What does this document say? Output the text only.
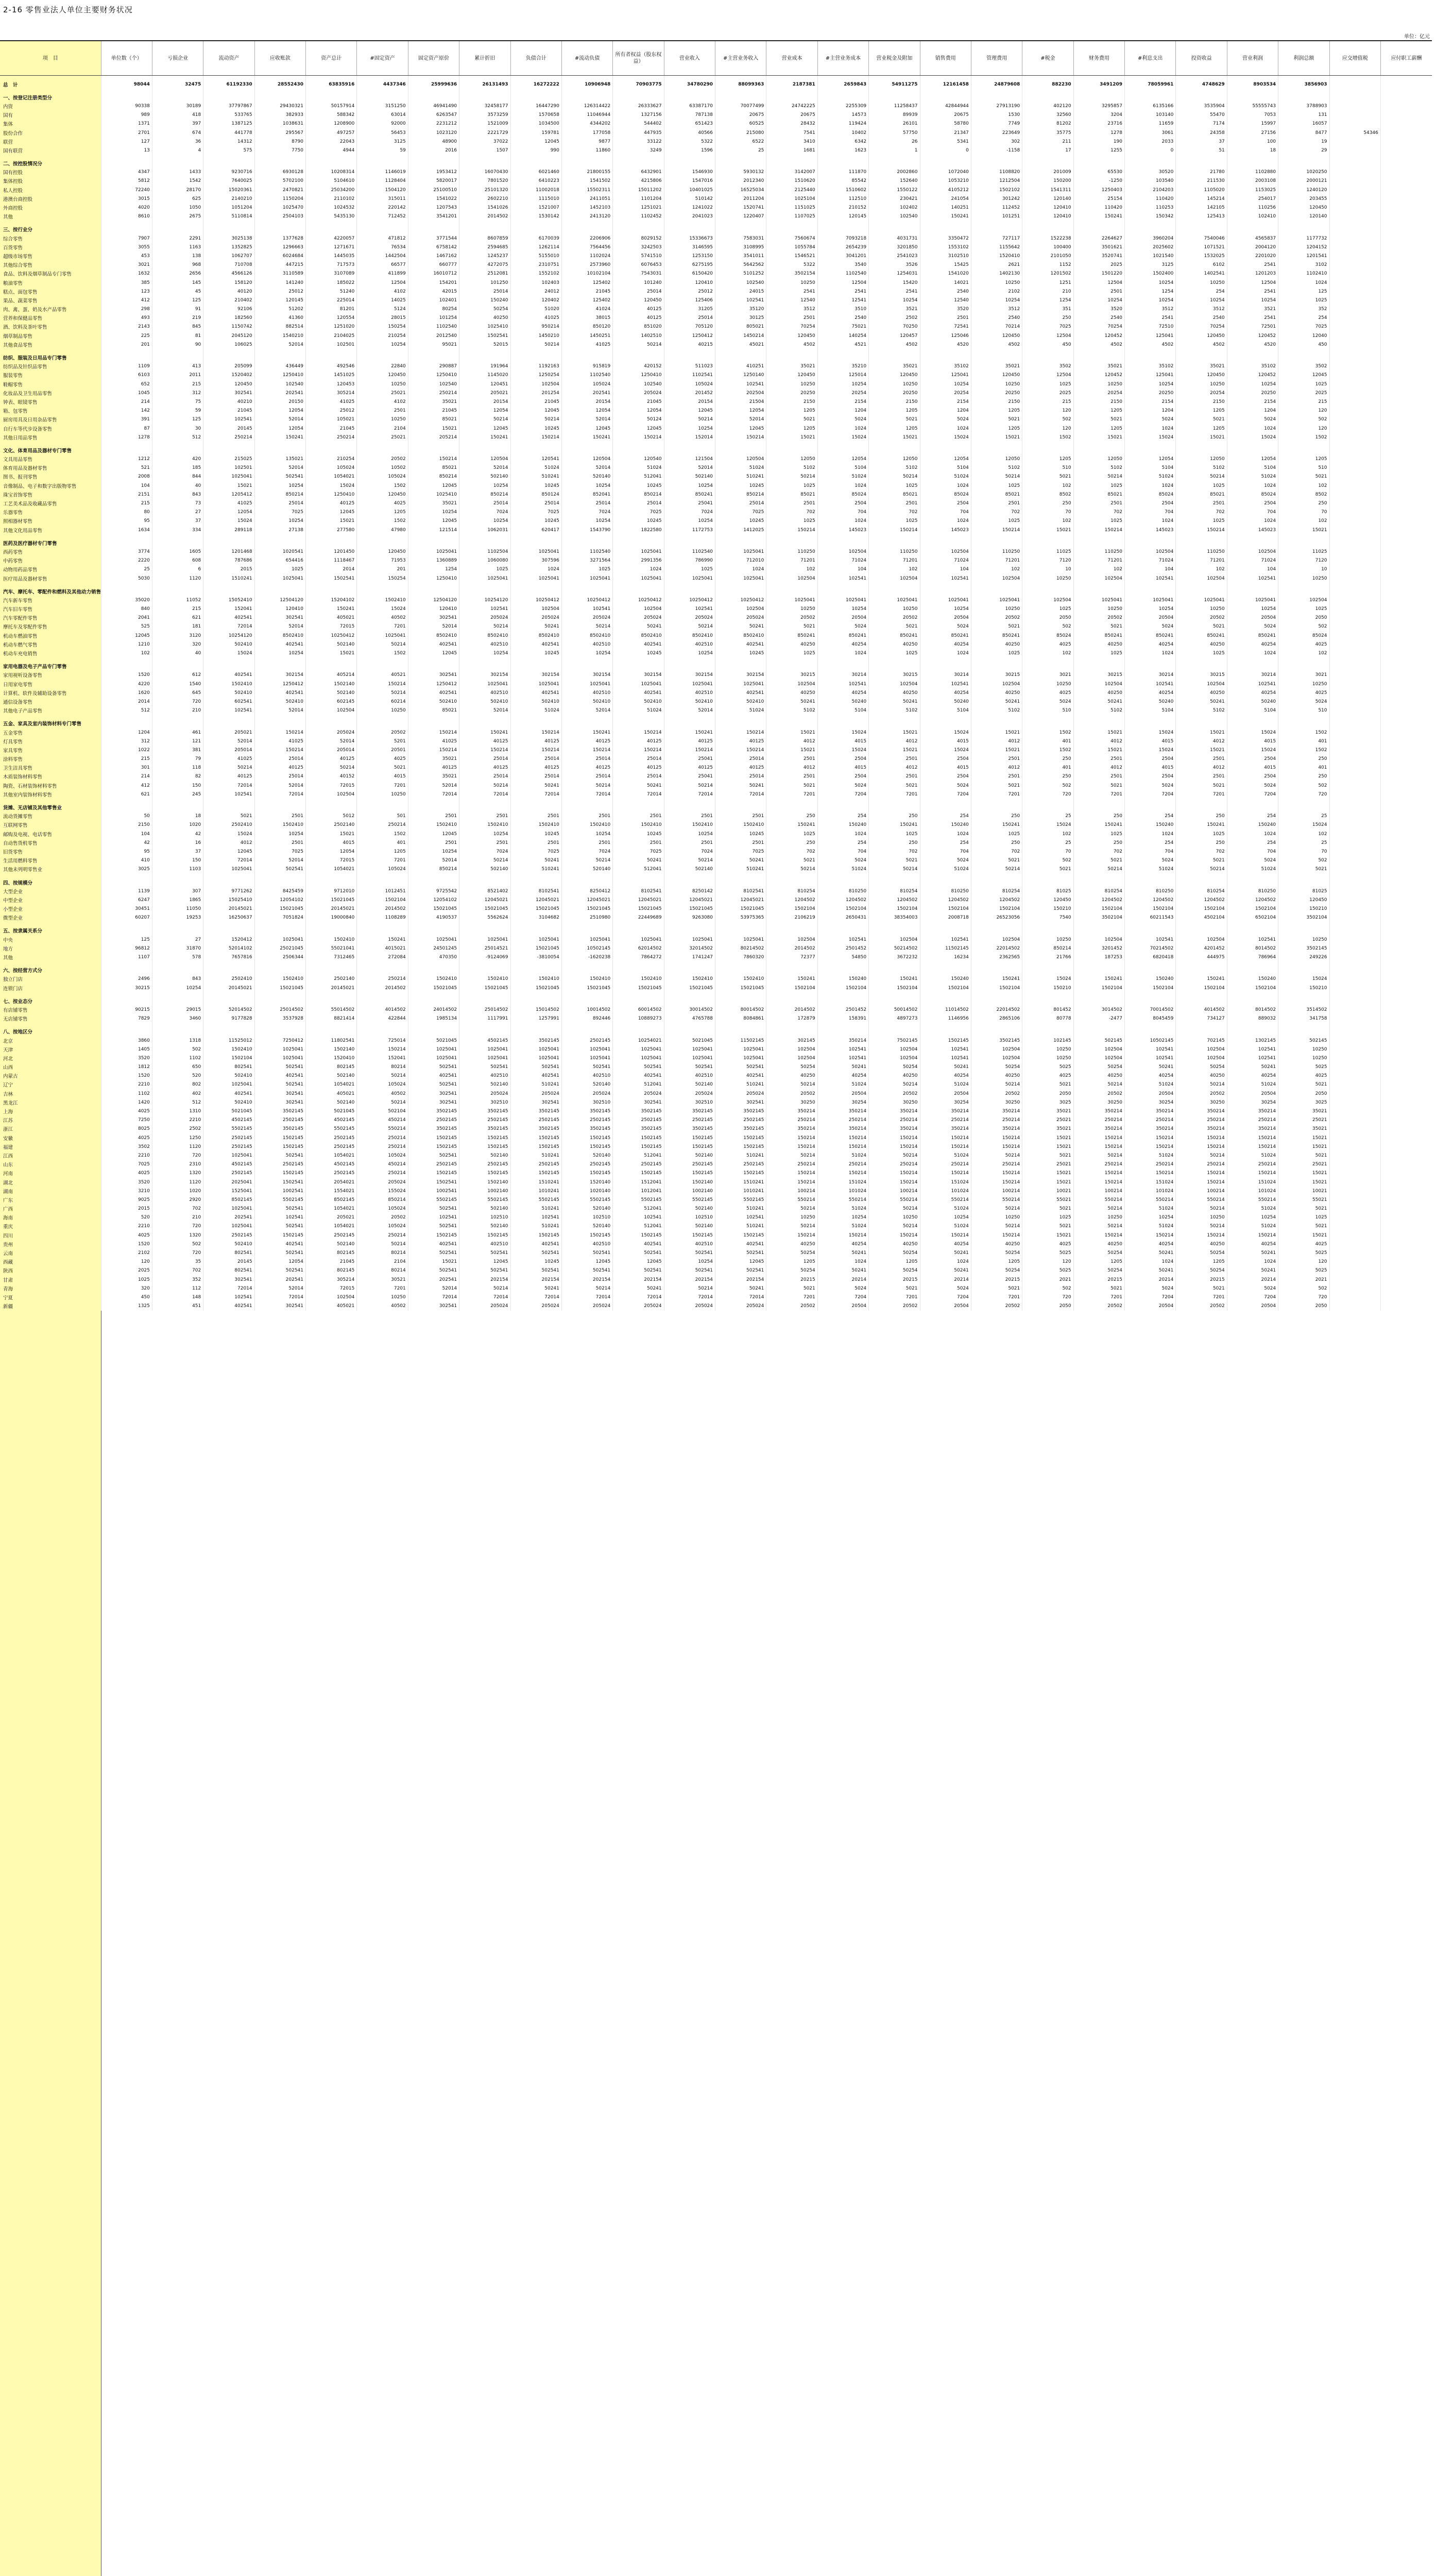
2-16 零售业法人单位主要财务状况
单位：亿元
项　目	单位数（个）	亏损企业	流动资产	应收账款	资产总计	#固定资产	固定资产原价	累计折旧	负债合计	#流动负债	所有者权益（股东权益）	营业收入	#主营业务收入	营业成本	#主营业务成本	营业税金及附加	销售费用	管理费用	#税金	财务费用	#利息支出	投资收益	营业利润	利润总额	应交增值税	应付职工薪酬

总　计	98044	32475	61192330	28552430	63835916	4437346	25999636	26131493	16272222	10906948	70903775	34780290	88099363	2187381	2659843	54911275	12161458	24879608	882230	3491209	78059961	4748629	8903534	3856903		

一、按登记注册类型分																										
内资	90338	30189	37797867	29430321	50157914	3151250	46941490	32458177	16447290	126314422	26333627	63387170	70077499	24742225	2255309	11258437	42844944	27913190	402120	3295857	6135166	3535904	55555743	3788903		
国有	989	418	533765	382933	588342	63014	6263547	3573259	1570658	11046944	1327156	787138	20675	20675	14573	89939	20675	1530	32560	3204	103140	55470	7053	131		
集体	1371	397	1387125	1038631	1208900	92000	2231212	1521009	1034500	4344202	544402	651423	60525	28432	119424	26101	58780	7749	81202	23716	11659	7174	15997	16057		
股份合作	2701	674	441778	295567	497257	56453	1023120	2221729	159781	177058	447935	40566	215080	7541	10402	57750	21347	223649	35775	1278	3061	24358	27156	8477	54346	
联营	127	36	14312	8790	22043	3125	48900	37022	12045	9877	33122	5322	6522	3410	6342	26	5341	302	211	190	2033	37	100	19		
国有联营	13	4	575	7750	4944	59	2016	1507	990	11860	3249	1596	25	1681	1623	1	0	-1158	17	1255	0	51	18	29		

二、按控股情况分																										
国有控股	4347	1433	9230716	6930128	10208314	1146019	1953412	16070430	6021460	21800155	6432901	1546930	5930132	3142007	111870	2002860	1072040	1108820	201009	65530	30520	21780	1102880	1020250		
集体控股	5812	1542	7640025	5702100	5104610	1128404	5820017	7801520	6410223	1541502	4215806	1547016	2012340	1510620	85542	152640	1053210	1212504	150200	-1250	103540	211530	2003108	2000121		
私人控股	72240	28170	15020361	2470821	25034200	1504120	25100510	25101320	11002018	15502311	15011202	10401025	16525034	2125440	1510602	1550122	4105212	1502102	1541311	1250403	2104203	1105020	1153025	1240120		
港澳台商控股	3015	625	2140210	1150204	2110102	315011	1541022	2602210	1115010	2411051	1101204	510142	2011204	1025104	112510	230421	241054	301242	120140	25154	110420	145214	254017	203455		
外商控股	4020	1050	1051204	1025470	1024532	220142	1207543	1541026	1521007	1452103	1251021	1241022	1520741	1151025	210152	102402	140251	112452	120410	110420	110253	142105	110256	120450		
其他	8610	2675	5110814	2504103	5435130	712452	3541201	2014502	1530142	2413120	1102452	2041023	1220407	1107025	120145	102540	150241	101251	120410	150241	150342	125413	102410	120140		

三、按行业分																										
综合零售	7907	2291	3025138	1377628	4220057	471812	3771544	8607859	6170039	2206906	8029152	15336673	7583031	7560674	7093218	4031731	3350472	727117	1522238	2264627	3960204	7540046	4565837	1177732		
百货零售	3055	1163	1352825	1296663	1271671	76534	6758142	2594685	1262114	7564456	3242503	3146595	3108995	1055784	2654239	3201850	1553102	1155642	100400	3501621	2025602	1071521	2004120	1204152		
超级市场零售	453	138	1062707	6024684	1445035	1442504	1467162	1245237	5155010	1102024	5741510	1253150	3541011	1546521	3041201	2541023	3102510	1520410	2101050	3520741	1021540	1532025	2201020	1201541		
其他综合零售	3021	968	710708	447215	717573	66577	660777	4272075	2310751	2573960	6076453	6275195	5642562	5322	3540	3526	15425	2621	1152	2025	3125	6102	2541	3102		
食品、饮料及烟草制品专门零售	1632	2656	4566126	3110589	3107089	411899	16010712	2512081	1552102	10102104	7543031	6150420	5101252	3502154	1102540	1254031	1541020	1402130	1201502	1501220	1502400	1402541	1201203	1102410		
粮油零售	385	145	158120	141240	185022	12504	154201	101250	102403	125402	101240	120410	102540	10250	12504	15420	14021	10250	1251	12504	10254	10250	12504	1024		
糕点、面包零售	123	45	40120	25012	51240	4102	42015	25014	24012	21045	25014	25012	24015	2541	2541	2541	2540	2102	210	2501	1254	254	2541	125		
果品、蔬菜零售	412	125	210402	120145	225014	14025	102401	150240	120402	125402	120450	125406	102541	12540	12541	10254	12540	10254	1254	10254	10254	10254	10254	1025		
肉、禽、蛋、奶及水产品零售	298	91	92106	51202	81201	5124	80254	50254	51020	41024	40125	31205	35120	3512	3510	3521	3520	3512	351	3520	3512	3512	3521	352		
营养和保健品零售	493	219	182560	41360	120554	28015	101254	40250	41025	38015	40125	25014	30125	2501	2540	2502	2501	2540	250	2540	2541	2540	2541	254		
酒、饮料及茶叶零售	2143	845	1150742	882514	1251020	150254	1102540	1025410	950214	850120	851020	705120	805021	70254	75021	70250	72541	70214	7025	70254	72510	70254	72501	7025		
烟草制品零售	225	81	2045120	1540210	2104025	210254	2012540	1502541	1450210	1450251	1402510	1250412	1450214	120450	140254	120457	125046	120450	12504	120452	125041	120450	120452	12040		
其他食品零售	201	90	106025	52014	102501	10254	95021	52015	50214	41025	50214	40215	45021	4502	4521	4502	4520	4502	450	4502	4502	4502	4520	450		

纺织、服装及日用品专门零售																										
纺织品及针织品零售	1109	413	205099	436449	492546	22840	290887	191964	1192163	915819	420152	511023	410251	35021	35210	35021	35102	35021	3502	35021	35102	35021	35102	3502		
服装零售	6103	2011	1520402	1250410	1451025	120450	1250410	1145020	1250254	1102540	1250410	1102541	1250140	120450	125014	120450	125041	120450	12504	120452	125041	120450	120452	12045		
鞋帽零售	652	215	120450	102540	120453	10250	102540	120451	102504	105024	102540	105024	102541	10250	10254	10250	10254	10250	1025	10250	10254	10250	10254	1025		
化妆品及卫生用品零售	1045	312	302541	202541	305214	25021	250214	205021	201254	202541	205024	201452	202504	20250	20254	20250	20254	20250	2025	20254	20250	20254	20250	2025		
钟表、眼镜零售	214	75	40210	20150	41025	4102	35021	20154	21045	20154	21045	20154	21504	2150	2154	2150	2154	2150	215	2150	2154	2150	2154	215		
箱、包零售	142	59	21045	12054	25012	2501	21045	12054	12045	12054	12054	12045	12054	1205	1204	1205	1204	1205	120	1205	1204	1205	1204	120		
厨房用具及日用杂品零售	391	125	102541	52014	105021	10250	85021	50214	50214	52014	50124	50214	52014	5021	5024	5021	5024	5021	502	5021	5024	5021	5024	502		
自行车等代步设备零售	87	30	20145	12054	21045	2104	15021	12045	10245	12045	12045	10254	12045	1205	1024	1205	1024	1205	120	1205	1024	1205	1024	120		
其他日用品零售	1278	512	250214	150241	250214	25021	205214	150241	150214	150241	150214	152014	150214	15021	15024	15021	15024	15021	1502	15021	15024	15021	15024	1502		

文化、体育用品及器材专门零售																										
文具用品零售	1212	420	215025	135021	210254	20502	150214	120504	120541	120504	120540	121504	120504	12050	12054	12050	12054	12050	1205	12050	12054	12050	12054	1205		
体育用品及器材零售	521	185	102501	52014	105024	10502	85021	52014	51024	52014	51024	52014	51024	5102	5104	5102	5104	5102	510	5102	5104	5102	5104	510		
图书、报刊零售	2008	844	1025041	502541	1054021	105024	850214	502140	510241	520140	512041	502140	510241	50214	51024	50214	51024	50214	5021	50214	51024	50214	51024	5021		
音像制品、电子和数字出版物零售	104	40	15021	10254	15024	1502	12045	10254	10245	10254	10245	10254	10245	1025	1024	1025	1024	1025	102	1025	1024	1025	1024	102		
珠宝首饰零售	2151	843	1205412	850214	1250410	120450	1025410	850214	850124	852041	850214	850241	850214	85021	85024	85021	85024	85021	8502	85021	85024	85021	85024	8502		
工艺美术品及收藏品零售	215	73	41025	25014	40125	4025	35021	25014	25014	25014	25014	25041	25014	2501	2504	2501	2504	2501	250	2501	2504	2501	2504	250		
乐器零售	80	27	12054	7025	12045	1205	10254	7024	7025	7024	7025	7024	7025	702	704	702	704	702	70	702	704	702	704	70		
照相器材零售	95	37	15024	10254	15021	1502	12045	10254	10245	10254	10245	10254	10245	1025	1024	1025	1024	1025	102	1025	1024	1025	1024	102		
其他文化用品零售	1634	334	289118	27138	277580	47980	121514	1062031	620417	1543790	1822580	1172753	1412025	150214	145023	150214	145023	150214	15021	150214	145023	150214	145023	15021		

医药及医疗器材专门零售																										
西药零售	3774	1605	1201468	1020541	1201450	120450	1025041	1102504	1025041	1102540	1025041	1102540	1025041	110250	102504	110250	102504	110250	11025	110250	102504	110250	102504	11025		
中药零售	2220	608	787686	654416	1118467	71953	1360889	1060080	307596	3271564	2991356	786990	712010	71201	71024	71201	71024	71201	7120	71201	71024	71201	71024	7120		
动物用药品零售	25	6	2015	1025	2014	201	1254	1025	1024	1025	1024	1025	1024	102	104	102	104	102	10	102	104	102	104	10		
医疗用品及器材零售	5030	1120	1510241	1025041	1502541	150254	1250410	1025041	1025041	1025041	1025041	1025041	1025041	102504	102541	102504	102541	102504	10250	102504	102541	102504	102541	10250		

汽车、摩托车、零配件和燃料及其他动力销售																										
汽车新车零售	35020	11052	15052410	12504120	15204102	1502410	12504120	10254120	10250412	10250412	10250412	10250412	10250412	1025041	1025041	1025041	1025041	1025041	102504	1025041	1025041	1025041	1025041	102504		
汽车旧车零售	840	215	152041	120410	150241	15024	120410	102541	102504	102541	102504	102541	102504	10250	10254	10250	10254	10250	1025	10250	10254	10250	10254	1025		
汽车零配件零售	2041	621	402541	302541	405021	40502	302541	205024	205024	205024	205024	205024	205024	20502	20504	20502	20504	20502	2050	20502	20504	20502	20504	2050		
摩托车及零配件零售	525	181	72014	52014	72015	7201	52014	50214	50241	50214	50241	50214	50241	5021	5024	5021	5024	5021	502	5021	5024	5021	5024	502		
机动车燃油零售	12045	3120	10254120	8502410	10250412	1025041	8502410	8502410	8502410	8502410	8502410	8502410	8502410	850241	850241	850241	850241	850241	85024	850241	850241	850241	850241	85024		
机动车燃气零售	1210	320	502410	402541	502140	50214	402541	402510	402541	402510	402541	402510	402541	40250	40254	40250	40254	40250	4025	40250	40254	40250	40254	4025		
机动车充电销售	102	40	15024	10254	15021	1502	12045	10254	10245	10254	10245	10254	10245	1025	1024	1025	1024	1025	102	1025	1024	1025	1024	102		

家用电器及电子产品专门零售																										
家用视听设备零售	1520	612	402541	302154	405214	40521	302541	302154	302154	302154	302154	302154	302154	30215	30214	30215	30214	30215	3021	30215	30214	30215	30214	3021		
日用家电零售	4220	1540	1502410	1250412	1502140	150214	1250412	1025041	1025041	1025041	1025041	1025041	1025041	102504	102541	102504	102541	102504	10250	102504	102541	102504	102541	10250		
计算机、软件及辅助设备零售	1620	645	502410	402541	502140	50214	402541	402510	402541	402510	402541	402510	402541	40250	40254	40250	40254	40250	4025	40250	40254	40250	40254	4025		
通信设备零售	2014	720	602541	502410	602145	60214	502410	502410	502410	502410	502410	502410	502410	50241	50240	50241	50240	50241	5024	50241	50240	50241	50240	5024		
其他电子产品零售	512	210	102541	52014	102504	10250	85021	52014	51024	52014	51024	52014	51024	5102	5104	5102	5104	5102	510	5102	5104	5102	5104	510		

五金、家具及室内装饰材料专门零售																										
五金零售	1204	461	205021	150214	205024	20502	150214	150241	150214	150241	150214	150241	150214	15021	15024	15021	15024	15021	1502	15021	15024	15021	15024	1502		
灯具零售	312	121	52014	41025	52014	5201	41025	40125	40125	40125	40125	40125	40125	4012	4015	4012	4015	4012	401	4012	4015	4012	4015	401		
家具零售	1022	381	205014	150214	205014	20501	150214	150214	150214	150214	150214	150214	150214	15021	15024	15021	15024	15021	1502	15021	15024	15021	15024	1502		
涂料零售	215	79	41025	25014	40125	4025	35021	25014	25014	25014	25014	25041	25014	2501	2504	2501	2504	2501	250	2501	2504	2501	2504	250		
卫生洁具零售	301	118	50214	40125	50214	5021	40125	40125	40125	40125	40125	40125	40125	4012	4015	4012	4015	4012	401	4012	4015	4012	4015	401		
木质装饰材料零售	214	82	40125	25014	40152	4015	35021	25014	25014	25014	25014	25041	25014	2501	2504	2501	2504	2501	250	2501	2504	2501	2504	250		
陶瓷、石材装饰材料零售	412	150	72014	52014	72015	7201	52014	50214	50241	50214	50241	50214	50241	5021	5024	5021	5024	5021	502	5021	5024	5021	5024	502		
其他室内装饰材料零售	621	245	102541	72014	102504	10250	72014	72014	72014	72014	72014	72014	72014	7201	7204	7201	7204	7201	720	7201	7204	7201	7204	720		

货摊、无店铺及其他零售业																										
流动货摊零售	50	18	5021	2501	5012	501	2501	2501	2501	2501	2501	2501	2501	250	254	250	254	250	25	250	254	250	254	25		
互联网零售	2150	1020	2502410	1502410	2502140	250214	1502410	1502410	1502410	1502410	1502410	1502410	1502410	150241	150240	150241	150240	150241	15024	150241	150240	150241	150240	15024		
邮购及电视、电话零售	104	42	15024	10254	15021	1502	12045	10254	10245	10254	10245	10254	10245	1025	1024	1025	1024	1025	102	1025	1024	1025	1024	102		
自动售货机零售	42	16	4012	2501	4015	401	2501	2501	2501	2501	2501	2501	2501	250	254	250	254	250	25	250	254	250	254	25		
旧货零售	95	37	12045	7025	12054	1205	10254	7024	7025	7024	7025	7024	7025	702	704	702	704	702	70	702	704	702	704	70		
生活用燃料零售	410	150	72014	52014	72015	7201	52014	50214	50241	50214	50241	50214	50241	5021	5024	5021	5024	5021	502	5021	5024	5021	5024	502		
其他未列明零售业	3025	1103	1025041	502541	1054021	105024	850214	502140	510241	520140	512041	502140	510241	50214	51024	50214	51024	50214	5021	50214	51024	50214	51024	5021		

四、按规模分																										
大型企业	1139	307	9771262	8425459	9712010	1012451	9725542	8521402	8102541	8250412	8102541	8250142	8102541	810254	810250	810254	810250	810254	81025	810254	810250	810254	810250	81025		
中型企业	6247	1865	15025410	12054102	15021045	1502104	12054102	12045021	12045021	12045021	12045021	12045021	12045021	1204502	1204502	1204502	1204502	1204502	120450	1204502	1204502	1204502	1204502	120450		
小型企业	30451	11050	20145021	15021045	20145021	2014502	15021045	15021045	15021045	15021045	15021045	15021045	15021045	1502104	1502104	1502104	1502104	1502104	150210	1502104	1502104	1502104	1502104	150210		
微型企业	60207	19253	16250637	7051824	19000840	1108289	4190537	5562624	3104682	2510980	22449689	9263080	53975365	2106219	2650431	38354003	2008718	26523056	7540	3502104	60211543	4502104	6502104	3502104		

五、按隶属关系分																										
中央	125	27	1520412	1025041	1502410	150241	1025041	1025041	1025041	1025041	1025041	1025041	1025041	102504	102541	102504	102541	102504	10250	102504	102541	102504	102541	10250		
地方	96812	31870	52014102	25021045	55021041	4015021	24501245	25014521	15021045	10502145	62014502	32014502	80214502	2014502	2501452	50214502	11502145	22014502	850214	3201452	70214502	4201452	8014502	3502145		
其他	1107	578	7657816	2506344	7312465	272084	470350	-9124069	-3810054	-1620238	7864272	1741247	7860320	72377	54850	3672232	16234	2362565	21766	187253	6820418	444975	786964	249226		

六、按经营方式分																										
独立门店	2496	843	2502410	1502410	2502140	250214	1502410	1502410	1502410	1502410	1502410	1502410	1502410	150241	150240	150241	150240	150241	15024	150241	150240	150241	150240	15024		
连锁门店	30215	10254	20145021	15021045	20145021	2014502	15021045	15021045	15021045	15021045	15021045	15021045	15021045	1502104	1502104	1502104	1502104	1502104	150210	1502104	1502104	1502104	1502104	150210		

七、按业态分																										
有店铺零售	90215	29015	52014502	25014502	55014502	4014502	24014502	25014502	15014502	10014502	60014502	30014502	80014502	2014502	2501452	50014502	11014502	22014502	801452	3014502	70014502	4014502	8014502	3514502		
无店铺零售	7829	3460	9177828	3537928	8821414	422844	1985134	1117991	1257991	892446	10889273	4765788	8084861	172879	158391	4897273	1146956	2865106	80778	-2477	8045459	734127	889032	341758		

八、按地区分																										
北京	3860	1318	11525012	7250412	11802541	725014	5021045	4502145	3502145	2502145	10254021	5021045	11502145	302145	350214	7502145	1502145	3502145	102145	502145	10502145	702145	1302145	502145		
天津	1405	502	1502410	1025041	1502140	150214	1025041	1025041	1025041	1025041	1025041	1025041	1025041	102504	102541	102504	102541	102504	10250	102504	102541	102504	102541	10250		
河北	3520	1102	1502104	1025041	1520410	152041	1025041	1025041	1025041	1025041	1025041	1025041	1025041	102504	102541	102504	102541	102504	10250	102504	102541	102504	102541	10250		
山西	1812	650	802541	502541	802145	80214	502541	502541	502541	502541	502541	502541	502541	50254	50241	50254	50241	50254	5025	50254	50241	50254	50241	5025		
内蒙古	1520	520	502410	402541	502140	50214	402541	402510	402541	402510	402541	402510	402541	40250	40254	40250	40254	40250	4025	40250	40254	40250	40254	4025		
辽宁	2210	802	1025041	502541	1054021	105024	502541	502140	510241	520140	512041	502140	510241	50214	51024	50214	51024	50214	5021	50214	51024	50214	51024	5021		
吉林	1102	402	402541	302541	405021	40502	302541	205024	205024	205024	205024	205024	205024	20502	20504	20502	20504	20502	2050	20502	20504	20502	20504	2050		
黑龙江	1420	512	502410	302541	502140	50214	302541	302510	302541	302510	302541	302510	302541	30250	30254	30250	30254	30250	3025	30250	30254	30250	30254	3025		
上海	4025	1310	5021045	3502145	5021045	502104	3502145	3502145	3502145	3502145	3502145	3502145	3502145	350214	350214	350214	350214	350214	35021	350214	350214	350214	350214	35021		
江苏	7250	2210	4502145	2502145	4502145	450214	2502145	2502145	2502145	2502145	2502145	2502145	2502145	250214	250214	250214	250214	250214	25021	250214	250214	250214	250214	25021		
浙江	8025	2502	5502145	3502145	5502145	550214	3502145	3502145	3502145	3502145	3502145	3502145	3502145	350214	350214	350214	350214	350214	35021	350214	350214	350214	350214	35021		
安徽	4025	1250	2502145	1502145	2502145	250214	1502145	1502145	1502145	1502145	1502145	1502145	1502145	150214	150214	150214	150214	150214	15021	150214	150214	150214	150214	15021		
福建	3502	1120	2502145	1502145	2502145	250214	1502145	1502145	1502145	1502145	1502145	1502145	1502145	150214	150214	150214	150214	150214	15021	150214	150214	150214	150214	15021		
江西	2210	720	1025041	502541	1054021	105024	502541	502140	510241	520140	512041	502140	510241	50214	51024	50214	51024	50214	5021	50214	51024	50214	51024	5021		
山东	7025	2310	4502145	2502145	4502145	450214	2502145	2502145	2502145	2502145	2502145	2502145	2502145	250214	250214	250214	250214	250214	25021	250214	250214	250214	250214	25021		
河南	4025	1320	2502145	1502145	2502145	250214	1502145	1502145	1502145	1502145	1502145	1502145	1502145	150214	150214	150214	150214	150214	15021	150214	150214	150214	150214	15021		
湖北	3520	1120	2025041	1502541	2054021	205024	1502541	1502140	1510241	1520140	1512041	1502140	1510241	150214	151024	150214	151024	150214	15021	150214	151024	150214	151024	15021		
湖南	3210	1020	1525041	1002541	1554021	155024	1002541	1002140	1010241	1020140	1012041	1002140	1010241	100214	101024	100214	101024	100214	10021	100214	101024	100214	101024	10021		
广东	9025	2920	8502145	5502145	8502145	850214	5502145	5502145	5502145	5502145	5502145	5502145	5502145	550214	550214	550214	550214	550214	55021	550214	550214	550214	550214	55021		
广西	2015	702	1025041	502541	1054021	105024	502541	502140	510241	520140	512041	502140	510241	50214	51024	50214	51024	50214	5021	50214	51024	50214	51024	5021		
海南	520	210	202541	102541	205021	20502	102541	102510	102541	102510	102541	102510	102541	10250	10254	10250	10254	10250	1025	10250	10254	10250	10254	1025		
重庆	2210	720	1025041	502541	1054021	105024	502541	502140	510241	520140	512041	502140	510241	50214	51024	50214	51024	50214	5021	50214	51024	50214	51024	5021		
四川	4025	1320	2502145	1502145	2502145	250214	1502145	1502145	1502145	1502145	1502145	1502145	1502145	150214	150214	150214	150214	150214	15021	150214	150214	150214	150214	15021		
贵州	1520	502	502410	402541	502140	50214	402541	402510	402541	402510	402541	402510	402541	40250	40254	40250	40254	40250	4025	40250	40254	40250	40254	4025		
云南	2102	720	802541	502541	802145	80214	502541	502541	502541	502541	502541	502541	502541	50254	50241	50254	50241	50254	5025	50254	50241	50254	50241	5025		
西藏	120	35	20145	12054	21045	2104	15021	12045	10245	12045	12045	10254	12045	1205	1024	1205	1024	1205	120	1205	1024	1205	1024	120		
陕西	2025	702	802541	502541	802145	80214	502541	502541	502541	502541	502541	502541	502541	50254	50241	50254	50241	50254	5025	50254	50241	50254	50241	5025		
甘肃	1025	352	302541	202541	305214	30521	202541	202154	202154	202154	202154	202154	202154	20215	20214	20215	20214	20215	2021	20215	20214	20215	20214	2021		
青海	320	112	72014	52014	72015	7201	52014	50214	50241	50214	50241	50214	50241	5021	5024	5021	5024	5021	502	5021	5024	5021	5024	502		
宁夏	450	148	102541	72014	102504	10250	72014	72014	72014	72014	72014	72014	72014	7201	7204	7201	7204	7201	720	7201	7204	7201	7204	720		
新疆	1325	451	402541	302541	405021	40502	302541	205024	205024	205024	205024	205024	205024	20502	20504	20502	20504	20502	2050	20502	20504	20502	20504	2050		
